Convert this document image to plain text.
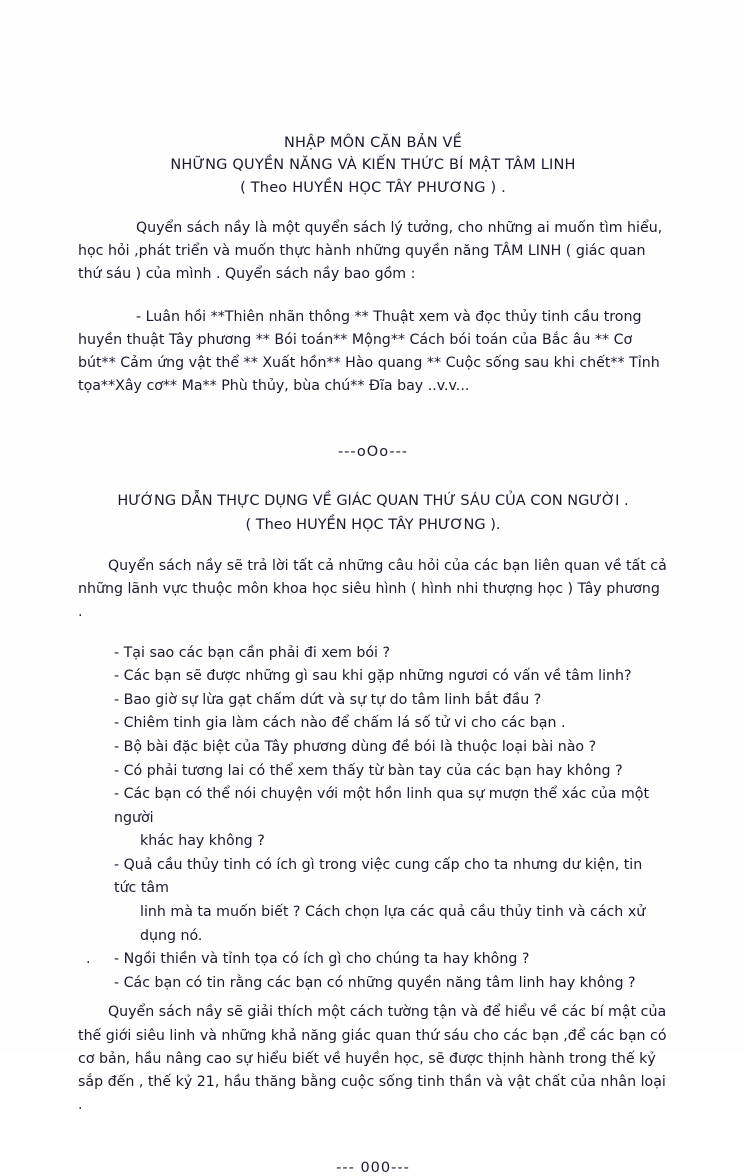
NHẬP MÔN CĂN BẢN VỀ
NHỮNG QUYỀN NĂNG VÀ KIẾN THỨC BÍ MẬT TÂM LINH
( Theo HUYỀN HỌC TÂY PHƯƠNG ) .
Quyển sách nầy là một quyển sách lý tưởng, cho những ai muốn tìm hiểu, học hỏi ,phát triển và muốn thực hành những quyền năng TÂM LINH ( giác quan thứ sáu ) của mình . Quyển sách nầy bao gồm :
- Luân hồi **Thiên nhãn thông ** Thuật xem và đọc thủy tinh cầu trong huyền thuật Tây phương ** Bói toán** Mộng** Cách bói toán của Bắc âu ** Cơ bút** Cảm ứng vật thể ** Xuất hồn** Hào quang ** Cuộc sống sau khi chết** Tỉnh tọa**Xây cơ** Ma** Phù thủy, bùa chú** Đĩa bay ..v.v...
---oOo---
HƯỚNG DẪN THỰC DỤNG VỀ GIÁC QUAN THỨ SÁU CỦA CON NGƯỜI .
( Theo HUYỀN HỌC TÂY PHƯƠNG ).
Quyển sách nầy sẽ trả lời tất cả những câu hỏi của các bạn liên quan về tất cả những lãnh vực thuộc môn khoa học siêu hình ( hình nhi thượng học ) Tây phương .
- Tại sao các bạn cần phải đi xem bói ?
- Các bạn sẽ được những gì sau khi gặp những ngươi có vấn về tâm linh?
- Bao giờ sự lừa gạt chấm dứt và sự tự do tâm linh bắt đầu ?
- Chiêm tinh gia làm cách nào để chấm lá số tử vi cho các bạn .
- Bộ bài đặc biệt của Tây phương dùng đề bói là thuộc loại bài nào ?
- Có phải tương lai có thể xem thấy từ bàn tay của các bạn hay không ?
- Các bạn có thể nói chuyện với một hồn linh qua sự mượn thể xác của một người
khác hay không ?
- Quả cầu thủy tinh có ích gì trong việc cung cấp cho ta nhưng dư kiện, tin tức tâm
linh mà ta muốn biết ? Cách chọn lựa các quả cầu thủy tinh và cách xử dụng nó.
. - Ngồi thiền và tỉnh tọa có ích gì cho chúng ta hay không ?
- Các bạn có tin rằng các bạn có những quyền năng tâm linh hay không ?
Quyển sách nầy sẽ giải thích một cách tường tận và để hiểu về các bí mật của thế giới siêu linh và những khả năng giác quan thứ sáu cho các bạn ,để các bạn có cơ bản, hầu nâng cao sự hiểu biết về huyền học, sẽ được thịnh hành trong thế kỷ sắp đến , thế kỷ 21, hầu thăng bằng cuộc sống tinh thần và vật chất của nhân loại .
--- 000---
